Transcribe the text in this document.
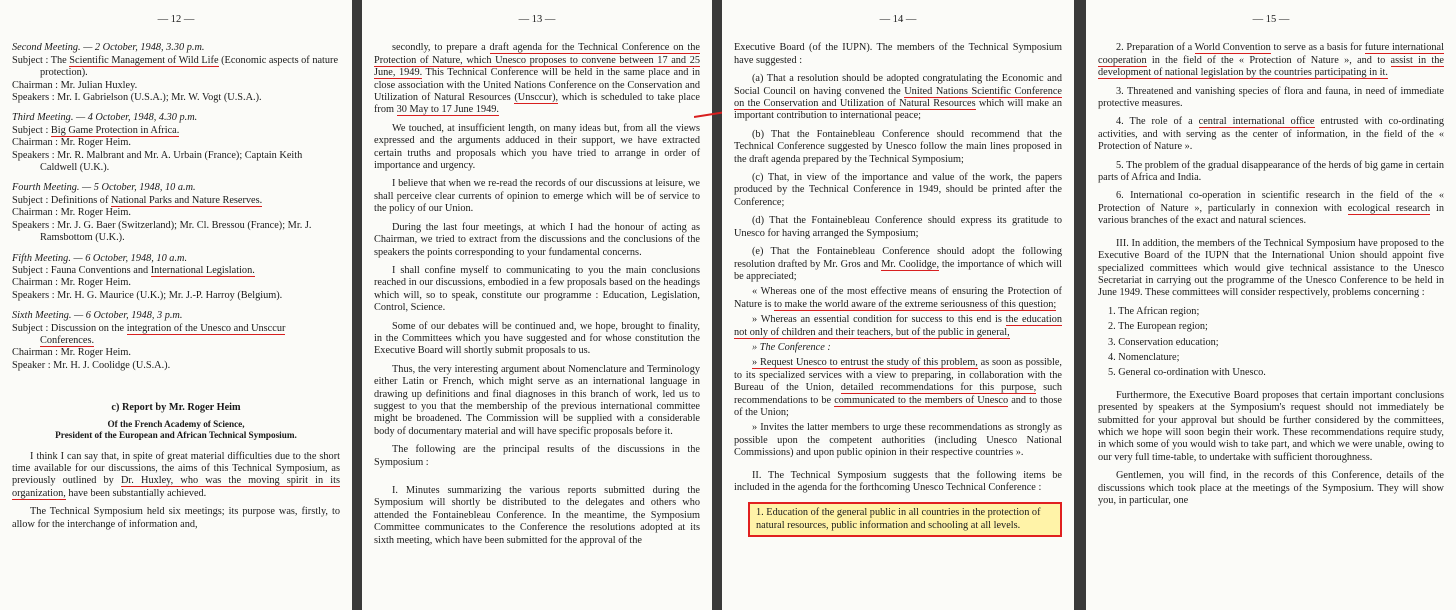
— 12 —
Second Meeting. — 2 October, 1948, 3.30 p.m.
Subject : The Scientific Management of Wild Life (Economic aspects of nature protection).
Chairman : Mr. Julian Huxley.
Speakers : Mr. I. Gabrielson (U.S.A.); Mr. W. Vogt (U.S.A.).
Third Meeting. — 4 October, 1948, 4.30 p.m.
Subject : Big Game Protection in Africa.
Chairman : Mr. Roger Heim.
Speakers : Mr. R. Malbrant and Mr. A. Urbain (France); Captain Keith Caldwell (U.K.).
Fourth Meeting. — 5 October, 1948, 10 a.m.
Subject : Definitions of National Parks and Nature Reserves.
Chairman : Mr. Roger Heim.
Speakers : Mr. J. G. Baer (Switzerland); Mr. Cl. Bressou (France); Mr. J. Ramsbottom (U.K.).
Fifth Meeting. — 6 October, 1948, 10 a.m.
Subject : Fauna Conventions and International Legislation.
Chairman : Mr. Roger Heim.
Speakers : Mr. H. G. Maurice (U.K.); Mr. J.-P. Harroy (Belgium).
Sixth Meeting. — 6 October, 1948, 3 p.m.
Subject : Discussion on the integration of the Unesco and Unsccur Conferences.
Chairman : Mr. Roger Heim.
Speaker : Mr. H. J. Coolidge (U.S.A.).
c) Report by Mr. Roger Heim
Of the French Academy of Science,
President of the European and African Technical Symposium.

I think I can say that, in spite of great material difficulties due to the short time available for our discussions, the aims of this Technical Symposium, as previously outlined by Dr. Huxley, who was the moving spirit in its organization, have been substantially achieved.

The Technical Symposium held six meetings; its purpose was, firstly, to allow for the interchange of information and,

— 13 —

secondly, to prepare a draft agenda for the Technical Conference on the Protection of Nature, which Unesco proposes to convene between 17 and 25 June, 1949. This Technical Conference will be held in the same place and in close association with the United Nations Conference on the Conservation and Utilization of Natural Resources (Unsccur), which is scheduled to take place from 30 May to 17 June 1949.

We touched, at insufficient length, on many ideas but, from all the views expressed and the arguments adduced in their support, we have extracted certain truths and proposals which you have tried to arrange in order of importance and urgency.

I believe that when we re-read the records of our discussions at leisure, we shall perceive clear currents of opinion to emerge which will be of service to the policy of our Union.

During the last four meetings, at which I had the honour of acting as Chairman, we tried to extract from the discussions and the conclusions of the speakers the points corresponding to your fundamental concerns.

I shall confine myself to communicating to you the main conclusions reached in our discussions, embodied in a few proposals based on the headings which will, so to speak, constitute our programme : Education, Legislation, Control, Science.

Some of our debates will be continued and, we hope, brought to finality, in the Committees which you have suggested and for whose constitution the Executive Board will shortly submit proposals to us.

Thus, the very interesting argument about Nomenclature and Terminology either Latin or French, which might serve as an international language in drawing up definitions and final diagnoses in this branch of work, led us to suggest to you that the membership of the previous international committee might be broadened. The Commission will be supplied with a considerable body of documentary material and will have specific proposals before it.

The following are the principal results of the discussions in the Symposium :

I. Minutes summarizing the various reports submitted during the Symposium will shortly be distributed to the delegates and others who attended the Fontainebleau Conference. In the meantime, the Symposium Committee communicates to the Conference the resolutions adopted at its sixth meeting, which have been submitted for the approval of the

— 14 —

Executive Board (of the IUPN). The members of the Technical Symposium have suggested :

(a) That a resolution should be adopted congratulating the Economic and Social Council on having convened the United Nations Scientific Conference on the Conservation and Utilization of Natural Resources which will make an important contribution to international peace;

(b) That the Fontainebleau Conference should recommend that the Technical Conference suggested by Unesco follow the main lines proposed in the draft agenda prepared by the Technical Symposium;

(c) That, in view of the importance and value of the work, the papers produced by the Technical Conference in 1949, should be printed after the Conference;

(d) That the Fontainebleau Conference should express its gratitude to Unesco for having arranged the Symposium;

(e) That the Fontainebleau Conference should adopt the following resolution drafted by Mr. Gros and Mr. Coolidge, the importance of which will be appreciated;

« Whereas one of the most effective means of ensuring the Protection of Nature is to make the world aware of the extreme seriousness of this question;

» Whereas an essential condition for success to this end is the education not only of children and their teachers, but of the public in general,

» The Conference :

» Request Unesco to entrust the study of this problem, as soon as possible, to its specialized services with a view to preparing, in collaboration with the Bureau of the Union, detailed recommendations for this purpose, such recommendations to be communicated to the members of Unesco and to those of the Union;

» Invites the latter members to urge these recommendations as strongly as possible upon the competent authorities (including Unesco National Commissions) and upon public opinion in their respective countries ».

II. The Technical Symposium suggests that the following items be included in the agenda for the forthcoming Unesco Technical Conference :

1. Education of the general public in all countries in the protection of natural resources, public information and schooling at all levels.
— 15 —

2. Preparation of a World Convention to serve as a basis for future international cooperation in the field of the « Protection of Nature », and to assist in the development of national legislation by the countries participating in it.

3. Threatened and vanishing species of flora and fauna, in need of immediate protective measures.

4. The role of a central international office entrusted with co-ordinating activities, and with serving as the center of information, in the field of the « Protection of Nature ».

5. The problem of the gradual disappearance of the herds of big game in certain parts of Africa and India.

6. International co-operation in scientific research in the field of the « Protection of Nature », particularly in connexion with ecological research in various branches of the exact and natural sciences.

III. In addition, the members of the Technical Symposium have proposed to the Executive Board of the IUPN that the International Union should appoint five specialized committees which would give technical assistance to the Unesco Secretariat in carrying out the programme of the Unesco Conference to be held in June 1949. These committees will consider respectively, problems concerning :

1. The African region;
2. The European region;
3. Conservation education;
4. Nomenclature;
5. General co-ordination with Unesco.

Furthermore, the Executive Board proposes that certain important conclusions presented by speakers at the Symposium's request should not immediately be submitted for your approval but should be further considered by the committees, which we hope will soon begin their work. These recommendations require study, in which some of you would wish to take part, and which we were unable, owing to our very full time-table, to undertake with sufficient thoroughness.

Gentlemen, you will find, in the records of this Conference, details of the discussions which took place at the meetings of the Symposium. They will show you, in particular, one
